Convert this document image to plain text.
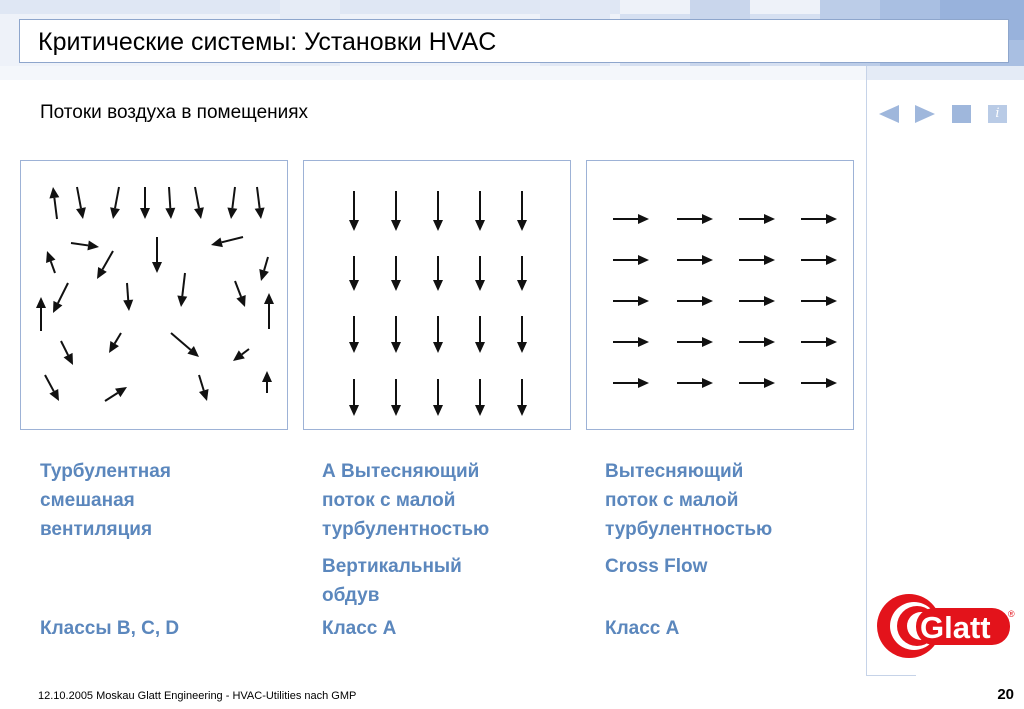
Критические системы: Установки HVAC
Потоки воздуха в помещениях	i
Турбулентная
смешаная
вентиляция
А Вытесняющий
поток с малой
турбулентностью
Вертикальный
обдув
Вытесняющий
поток с малой
турбулентностью
Cross Flow
Классы B, C, D	Класс А	Класс А	Glatt ®
12.10.2005 Moskau Glatt Engineering - HVAC-Utilities nach GMP	20
